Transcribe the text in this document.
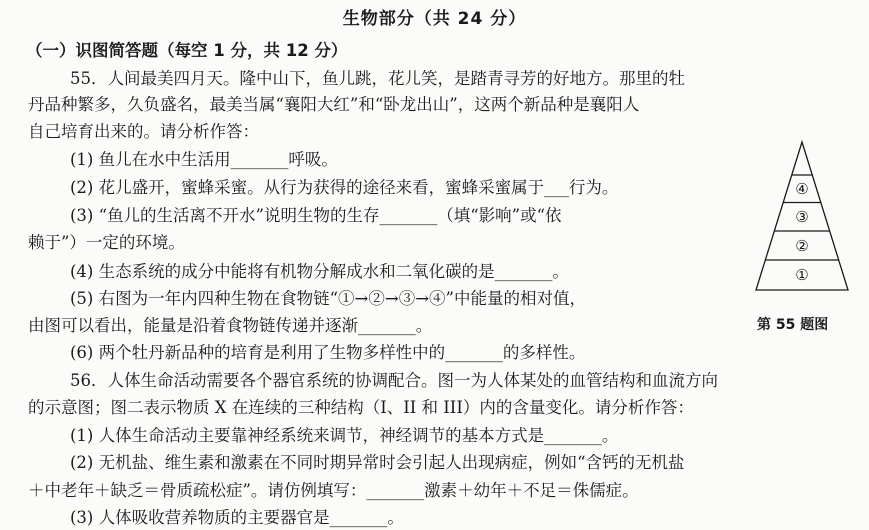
生物部分（共 24 分）
（一）识图简答题（每空 1 分，共 12 分）
55．人间最美四月天。隆中山下，鱼儿跳，花儿笑，是踏青寻芳的好地方。那里的牡
丹品种繁多，久负盛名，最美当属“襄阳大红”和“卧龙出山”，这两个新品种是襄阳人
自己培育出来的。请分析作答：
(1) 鱼儿在水中生活用_______呼吸。
(2) 花儿盛开，蜜蜂采蜜。从行为获得的途径来看，蜜蜂采蜜属于___行为。
(3) “鱼儿的生活离不开水”说明生物的生存_______（填“影响”或“依
赖于”）一定的环境。
(4) 生态系统的成分中能将有机物分解成水和二氧化碳的是_______。
(5) 右图为一年内四种生物在食物链“①→②→③→④”中能量的相对值，
由图可以看出，能量是沿着食物链传递并逐渐_______。
(6) 两个牡丹新品种的培育是利用了生物多样性中的_______的多样性。
56．人体生命活动需要各个器官系统的协调配合。图一为人体某处的血管结构和血流方向
的示意图；图二表示物质 X 在连续的三种结构（I、II 和 III）内的含量变化。请分析作答：
(1) 人体生命活动主要靠神经系统来调节，神经调节的基本方式是_______。
(2) 无机盐、维生素和激素在不同时期异常时会引起人出现病症，例如“含钙的无机盐
＋中老年＋缺乏＝骨质疏松症”。请仿例填写：_______激素＋幼年＋不足＝侏儒症。
(3) 人体吸收营养物质的主要器官是_______。
①
②
③
④
第 55 题图
